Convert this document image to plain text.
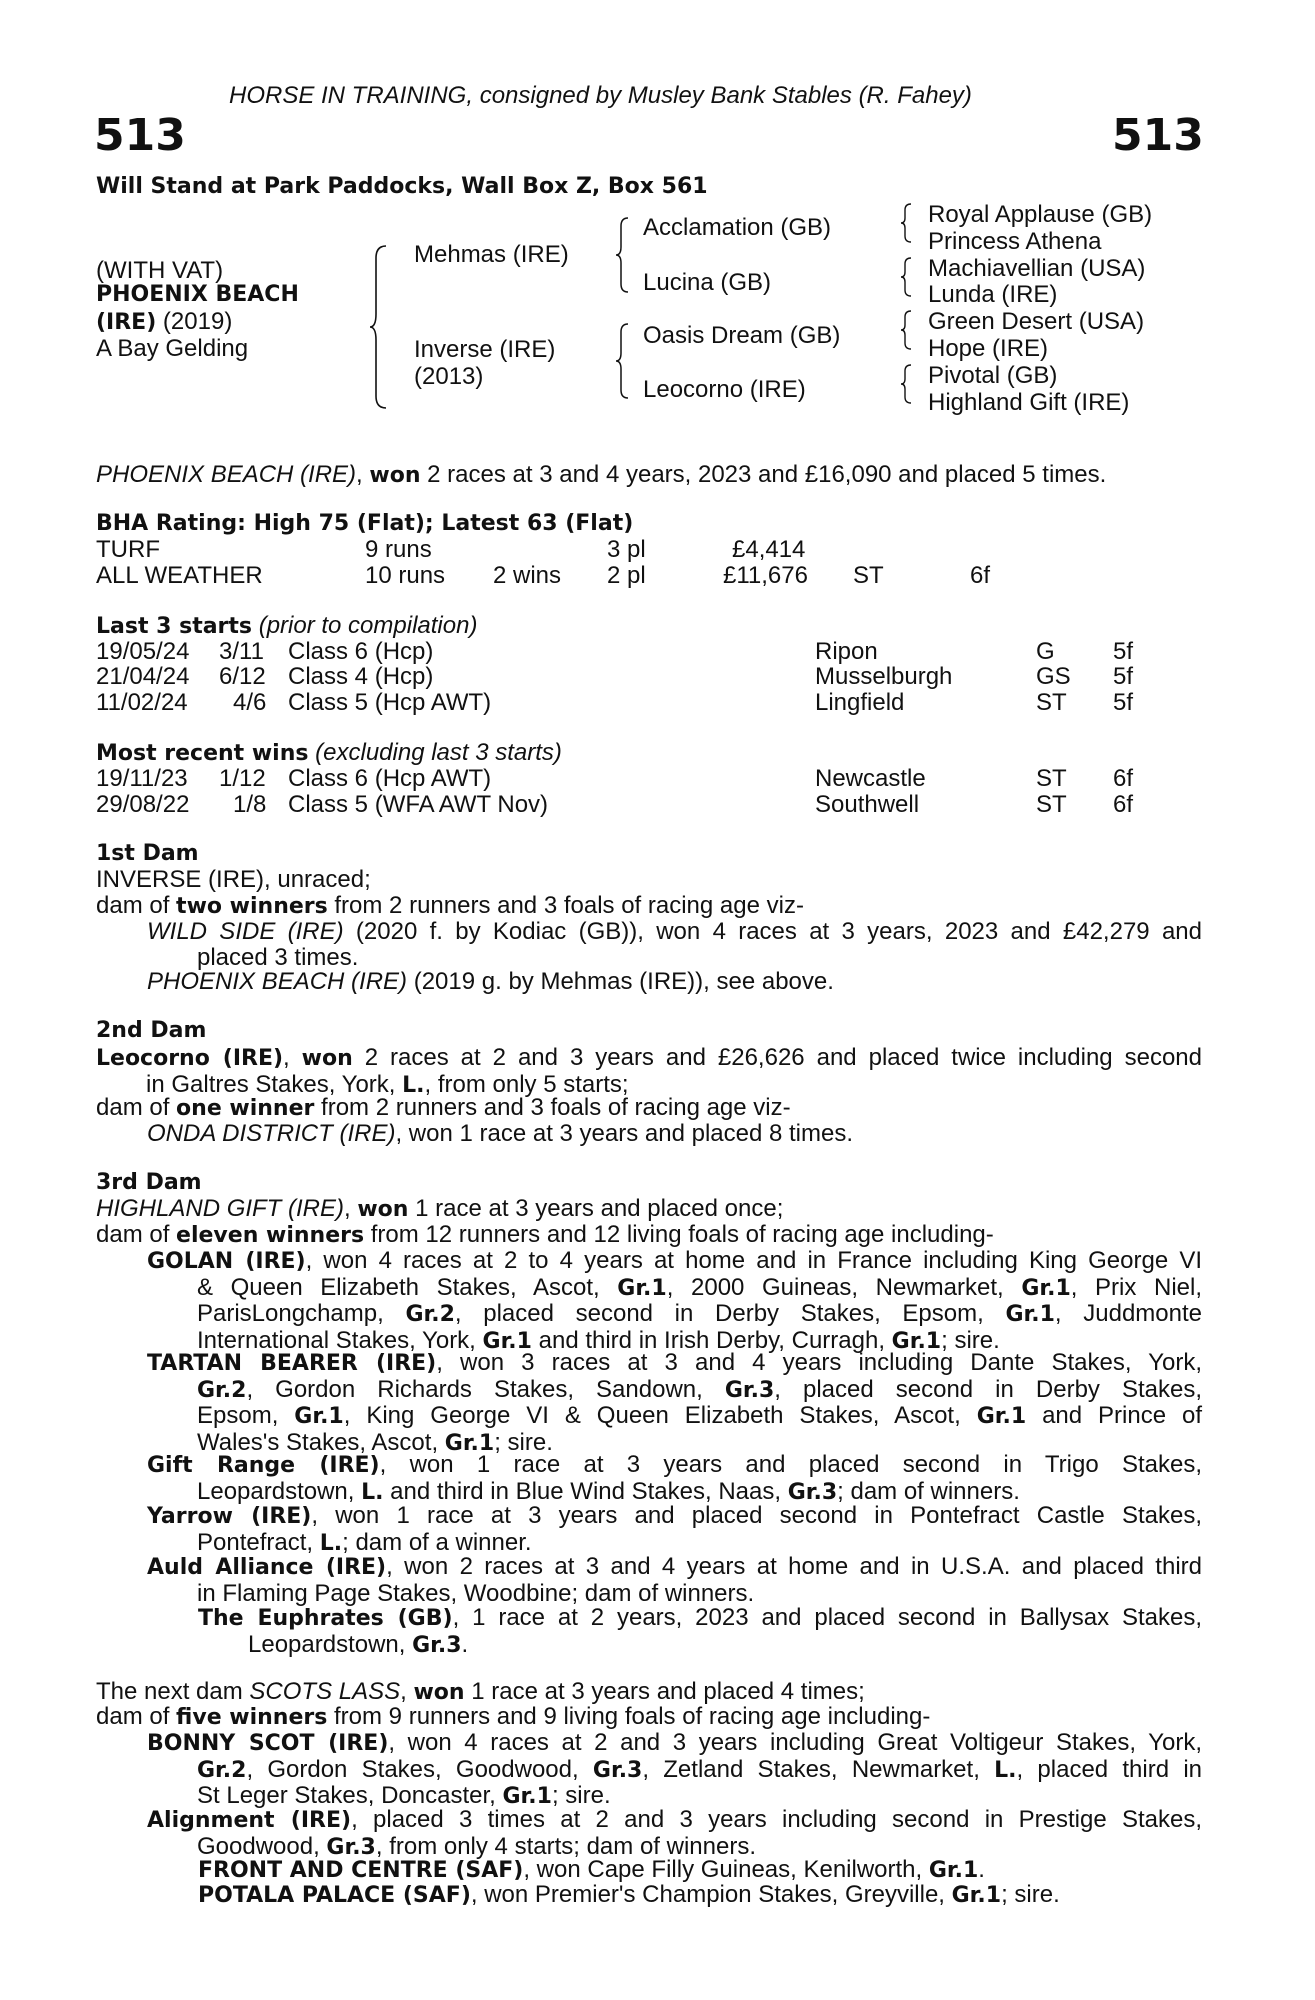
HORSE IN TRAINING, consigned by Musley Bank Stables (R. Fahey)
513	513
Will Stand at Park Paddocks, Wall Box Z, Box 561
(WITH VAT)
PHOENIX BEACH
(IRE) (2019)
A Bay Gelding
Mehmas (IRE)
Inverse (IRE)
(2013)
Acclamation (GB)
Lucina (GB)
Oasis Dream (GB)
Leocorno (IRE)
Royal Applause (GB)
Princess Athena
Machiavellian (USA)
Lunda (IRE)
Green Desert (USA)
Hope (IRE)
Pivotal (GB)
Highland Gift (IRE)
PHOENIX BEACH (IRE), won 2 races at 3 and 4 years, 2023 and £16,090 and placed 5 times.
BHA Rating: High 75 (Flat); Latest 63 (Flat)
TURF	9 runs	3 pl	£4,414
ALL WEATHER	10 runs 2 wins 2 pl	£11,676 ST	6f
Last 3 starts (prior to compilation)
19/05/24 3/11 Class 6 (Hcp)	Ripon	G 5f
21/04/24 6/12 Class 4 (Hcp)	Musselburgh	GS 5f
11/02/24 4/6 Class 5 (Hcp AWT)	Lingfield	ST 5f
Most recent wins (excluding last 3 starts)
19/11/23 1/12 Class 6 (Hcp AWT)	Newcastle	ST 6f
29/08/22 1/8 Class 5 (WFA AWT Nov)	Southwell	ST 6f
1st Dam
INVERSE (IRE), unraced;
dam of two winners from 2 runners and 3 foals of racing age viz-
WILD SIDE (IRE) (2020 f. by Kodiac (GB)), won 4 races at 3 years, 2023 and £42,279 and
placed 3 times.
PHOENIX BEACH (IRE) (2019 g. by Mehmas (IRE)), see above.
2nd Dam
Leocorno (IRE), won 2 races at 2 and 3 years and £26,626 and placed twice including second
in Galtres Stakes, York, L., from only 5 starts;
dam of one winner from 2 runners and 3 foals of racing age viz-
ONDA DISTRICT (IRE), won 1 race at 3 years and placed 8 times.
3rd Dam
HIGHLAND GIFT (IRE), won 1 race at 3 years and placed once;
dam of eleven winners from 12 runners and 12 living foals of racing age including-
GOLAN (IRE), won 4 races at 2 to 4 years at home and in France including King George VI
& Queen Elizabeth Stakes, Ascot, Gr.1, 2000 Guineas, Newmarket, Gr.1, Prix Niel,
ParisLongchamp, Gr.2, placed second in Derby Stakes, Epsom, Gr.1, Juddmonte
International Stakes, York, Gr.1 and third in Irish Derby, Curragh, Gr.1; sire.
TARTAN BEARER (IRE), won 3 races at 3 and 4 years including Dante Stakes, York,
Gr.2, Gordon Richards Stakes, Sandown, Gr.3, placed second in Derby Stakes,
Epsom, Gr.1, King George VI & Queen Elizabeth Stakes, Ascot, Gr.1 and Prince of
Wales's Stakes, Ascot, Gr.1; sire.
Gift Range (IRE), won 1 race at 3 years and placed second in Trigo Stakes,
Leopardstown, L. and third in Blue Wind Stakes, Naas, Gr.3; dam of winners.
Yarrow (IRE), won 1 race at 3 years and placed second in Pontefract Castle Stakes,
Pontefract, L.; dam of a winner.
Auld Alliance (IRE), won 2 races at 3 and 4 years at home and in U.S.A. and placed third
in Flaming Page Stakes, Woodbine; dam of winners.
The Euphrates (GB), 1 race at 2 years, 2023 and placed second in Ballysax Stakes,
Leopardstown, Gr.3.
The next dam SCOTS LASS, won 1 race at 3 years and placed 4 times;
dam of five winners from 9 runners and 9 living foals of racing age including-
BONNY SCOT (IRE), won 4 races at 2 and 3 years including Great Voltigeur Stakes, York,
Gr.2, Gordon Stakes, Goodwood, Gr.3, Zetland Stakes, Newmarket, L., placed third in
St Leger Stakes, Doncaster, Gr.1; sire.
Alignment (IRE), placed 3 times at 2 and 3 years including second in Prestige Stakes,
Goodwood, Gr.3, from only 4 starts; dam of winners.
FRONT AND CENTRE (SAF), won Cape Filly Guineas, Kenilworth, Gr.1.
POTALA PALACE (SAF), won Premier's Champion Stakes, Greyville, Gr.1; sire.
